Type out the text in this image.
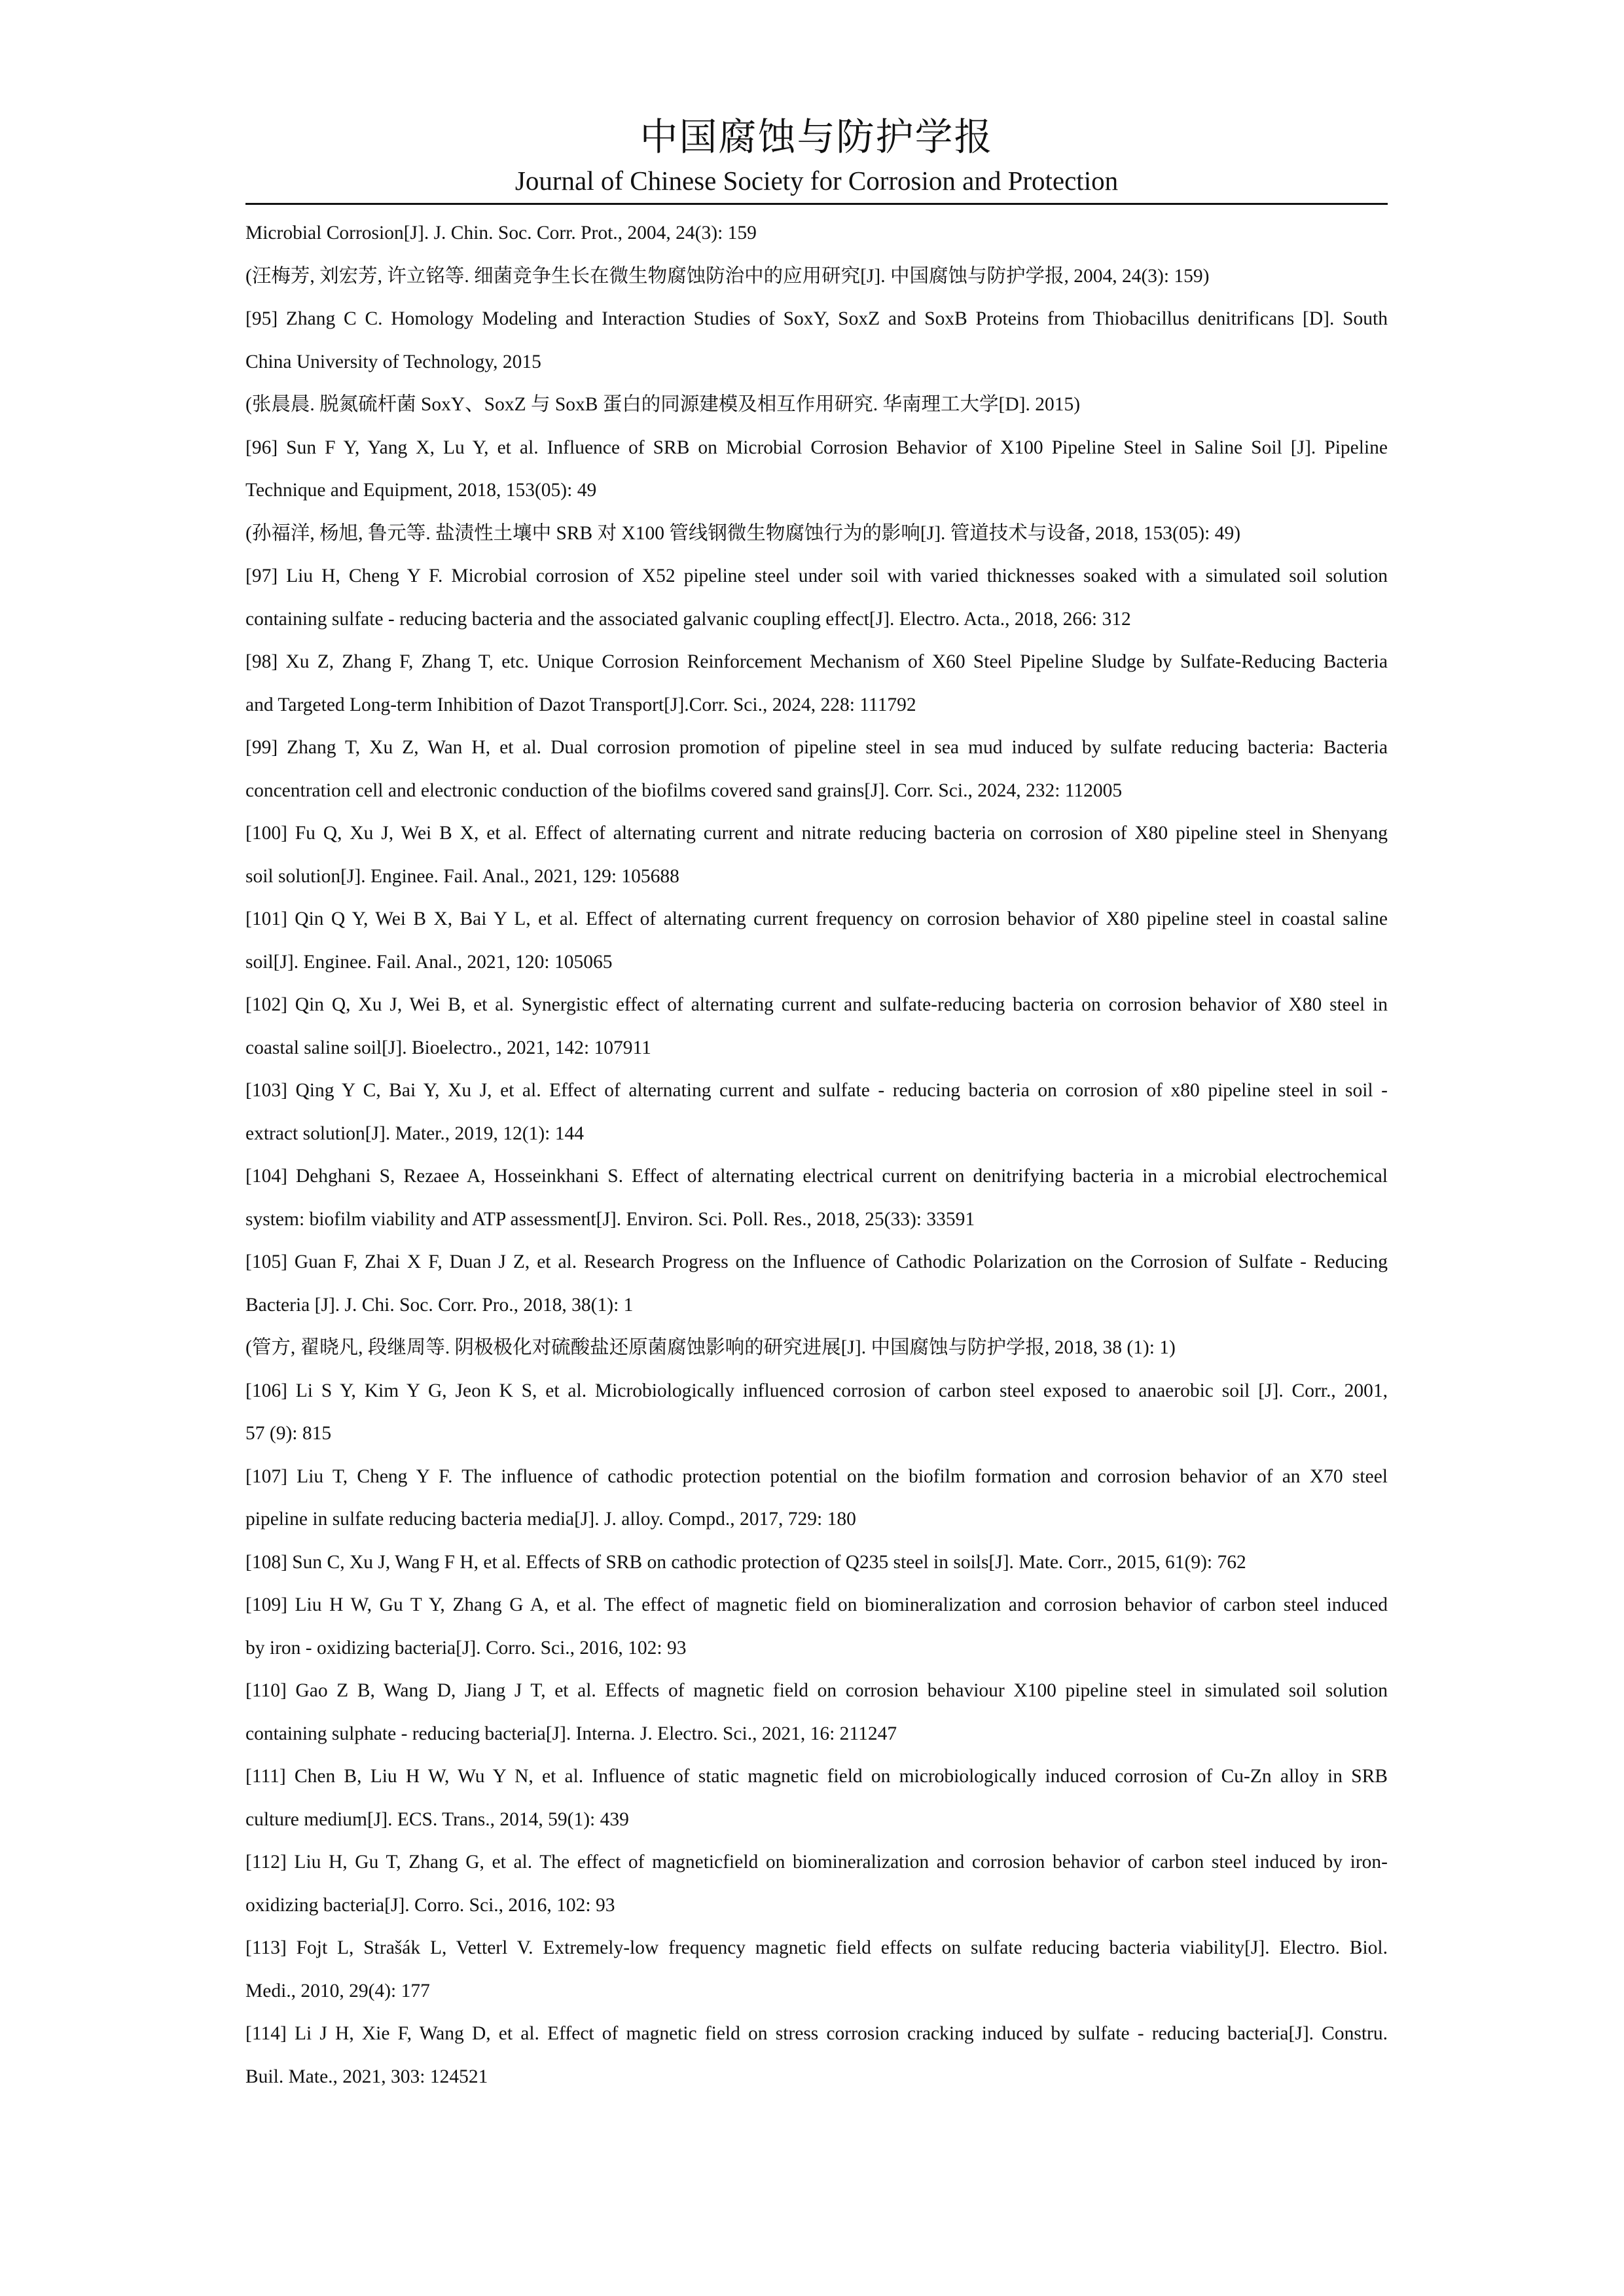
中国腐蚀与防护学报
Journal of Chinese Society for Corrosion and Protection
Microbial Corrosion[J]. J. Chin. Soc. Corr. Prot., 2004, 24(3): 159
(汪梅芳, 刘宏芳, 许立铭等. 细菌竞争生长在微生物腐蚀防治中的应用研究[J]. 中国腐蚀与防护学报, 2004, 24(3): 159)
[95] Zhang C C. Homology Modeling and Interaction Studies of SoxY, SoxZ and SoxB Proteins from Thiobacillus denitrificans [D]. South
China University of Technology, 2015
(张晨晨. 脱氮硫杆菌 SoxY、SoxZ 与 SoxB 蛋白的同源建模及相互作用研究. 华南理工大学[D]. 2015)
[96] Sun F Y, Yang X, Lu Y, et al. Influence of SRB on Microbial Corrosion Behavior of X100 Pipeline Steel in Saline Soil [J]. Pipeline
Technique and Equipment, 2018, 153(05): 49
(孙福洋, 杨旭, 鲁元等. 盐渍性土壤中 SRB 对 X100 管线钢微生物腐蚀行为的影响[J]. 管道技术与设备, 2018, 153(05): 49)
[97] Liu H, Cheng Y F. Microbial corrosion of X52 pipeline steel under soil with varied thicknesses soaked with a simulated soil solution
containing sulfate - reducing bacteria and the associated galvanic coupling effect[J]. Electro. Acta., 2018, 266: 312
[98] Xu Z, Zhang F, Zhang T, etc. Unique Corrosion Reinforcement Mechanism of X60 Steel Pipeline Sludge by Sulfate-Reducing Bacteria
and Targeted Long-term Inhibition of Dazot Transport[J].Corr. Sci., 2024, 228: 111792
[99] Zhang T, Xu Z, Wan H, et al. Dual corrosion promotion of pipeline steel in sea mud induced by sulfate reducing bacteria: Bacteria
concentration cell and electronic conduction of the biofilms covered sand grains[J]. Corr. Sci., 2024, 232: 112005
[100] Fu Q, Xu J, Wei B X, et al. Effect of alternating current and nitrate reducing bacteria on corrosion of X80 pipeline steel in Shenyang
soil solution[J]. Enginee. Fail. Anal., 2021, 129: 105688
[101] Qin Q Y, Wei B X, Bai Y L, et al. Effect of alternating current frequency on corrosion behavior of X80 pipeline steel in coastal saline
soil[J]. Enginee. Fail. Anal., 2021, 120: 105065
[102] Qin Q, Xu J, Wei B, et al. Synergistic effect of alternating current and sulfate-reducing bacteria on corrosion behavior of X80 steel in
coastal saline soil[J]. Bioelectro., 2021, 142: 107911
[103] Qing Y C, Bai Y, Xu J, et al. Effect of alternating current and sulfate - reducing bacteria on corrosion of x80 pipeline steel in soil -
extract solution[J]. Mater., 2019, 12(1): 144
[104] Dehghani S, Rezaee A, Hosseinkhani S. Effect of alternating electrical current on denitrifying bacteria in a microbial electrochemical
system: biofilm viability and ATP assessment[J]. Environ. Sci. Poll. Res., 2018, 25(33): 33591
[105] Guan F, Zhai X F, Duan J Z, et al. Research Progress on the Influence of Cathodic Polarization on the Corrosion of Sulfate - Reducing
Bacteria [J]. J. Chi. Soc. Corr. Pro., 2018, 38(1): 1
(管方, 翟晓凡, 段继周等. 阴极极化对硫酸盐还原菌腐蚀影响的研究进展[J]. 中国腐蚀与防护学报, 2018, 38 (1): 1)
[106] Li S Y, Kim Y G, Jeon K S, et al. Microbiologically influenced corrosion of carbon steel exposed to anaerobic soil [J]. Corr., 2001,
57 (9): 815
[107] Liu T, Cheng Y F. The influence of cathodic protection potential on the biofilm formation and corrosion behavior of an X70 steel
pipeline in sulfate reducing bacteria media[J]. J. alloy. Compd., 2017, 729: 180
[108] Sun C, Xu J, Wang F H, et al. Effects of SRB on cathodic protection of Q235 steel in soils[J]. Mate. Corr., 2015, 61(9): 762
[109] Liu H W, Gu T Y, Zhang G A, et al. The effect of magnetic field on biomineralization and corrosion behavior of carbon steel induced
by iron - oxidizing bacteria[J]. Corro. Sci., 2016, 102: 93
[110] Gao Z B, Wang D, Jiang J T, et al. Effects of magnetic field on corrosion behaviour X100 pipeline steel in simulated soil solution
containing sulphate - reducing bacteria[J]. Interna. J. Electro. Sci., 2021, 16: 211247
[111] Chen B, Liu H W, Wu Y N, et al. Influence of static magnetic field on microbiologically induced corrosion of Cu-Zn alloy in SRB
culture medium[J]. ECS. Trans., 2014, 59(1): 439
[112] Liu H, Gu T, Zhang G, et al. The effect of magneticfield on biomineralization and corrosion behavior of carbon steel induced by iron-
oxidizing bacteria[J]. Corro. Sci., 2016, 102: 93
[113] Fojt L, Strašák L, Vetterl V. Extremely-low frequency magnetic field effects on sulfate reducing bacteria viability[J]. Electro. Biol.
Medi., 2010, 29(4): 177
[114] Li J H, Xie F, Wang D, et al. Effect of magnetic field on stress corrosion cracking induced by sulfate - reducing bacteria[J]. Constru.
Buil. Mate., 2021, 303: 124521
